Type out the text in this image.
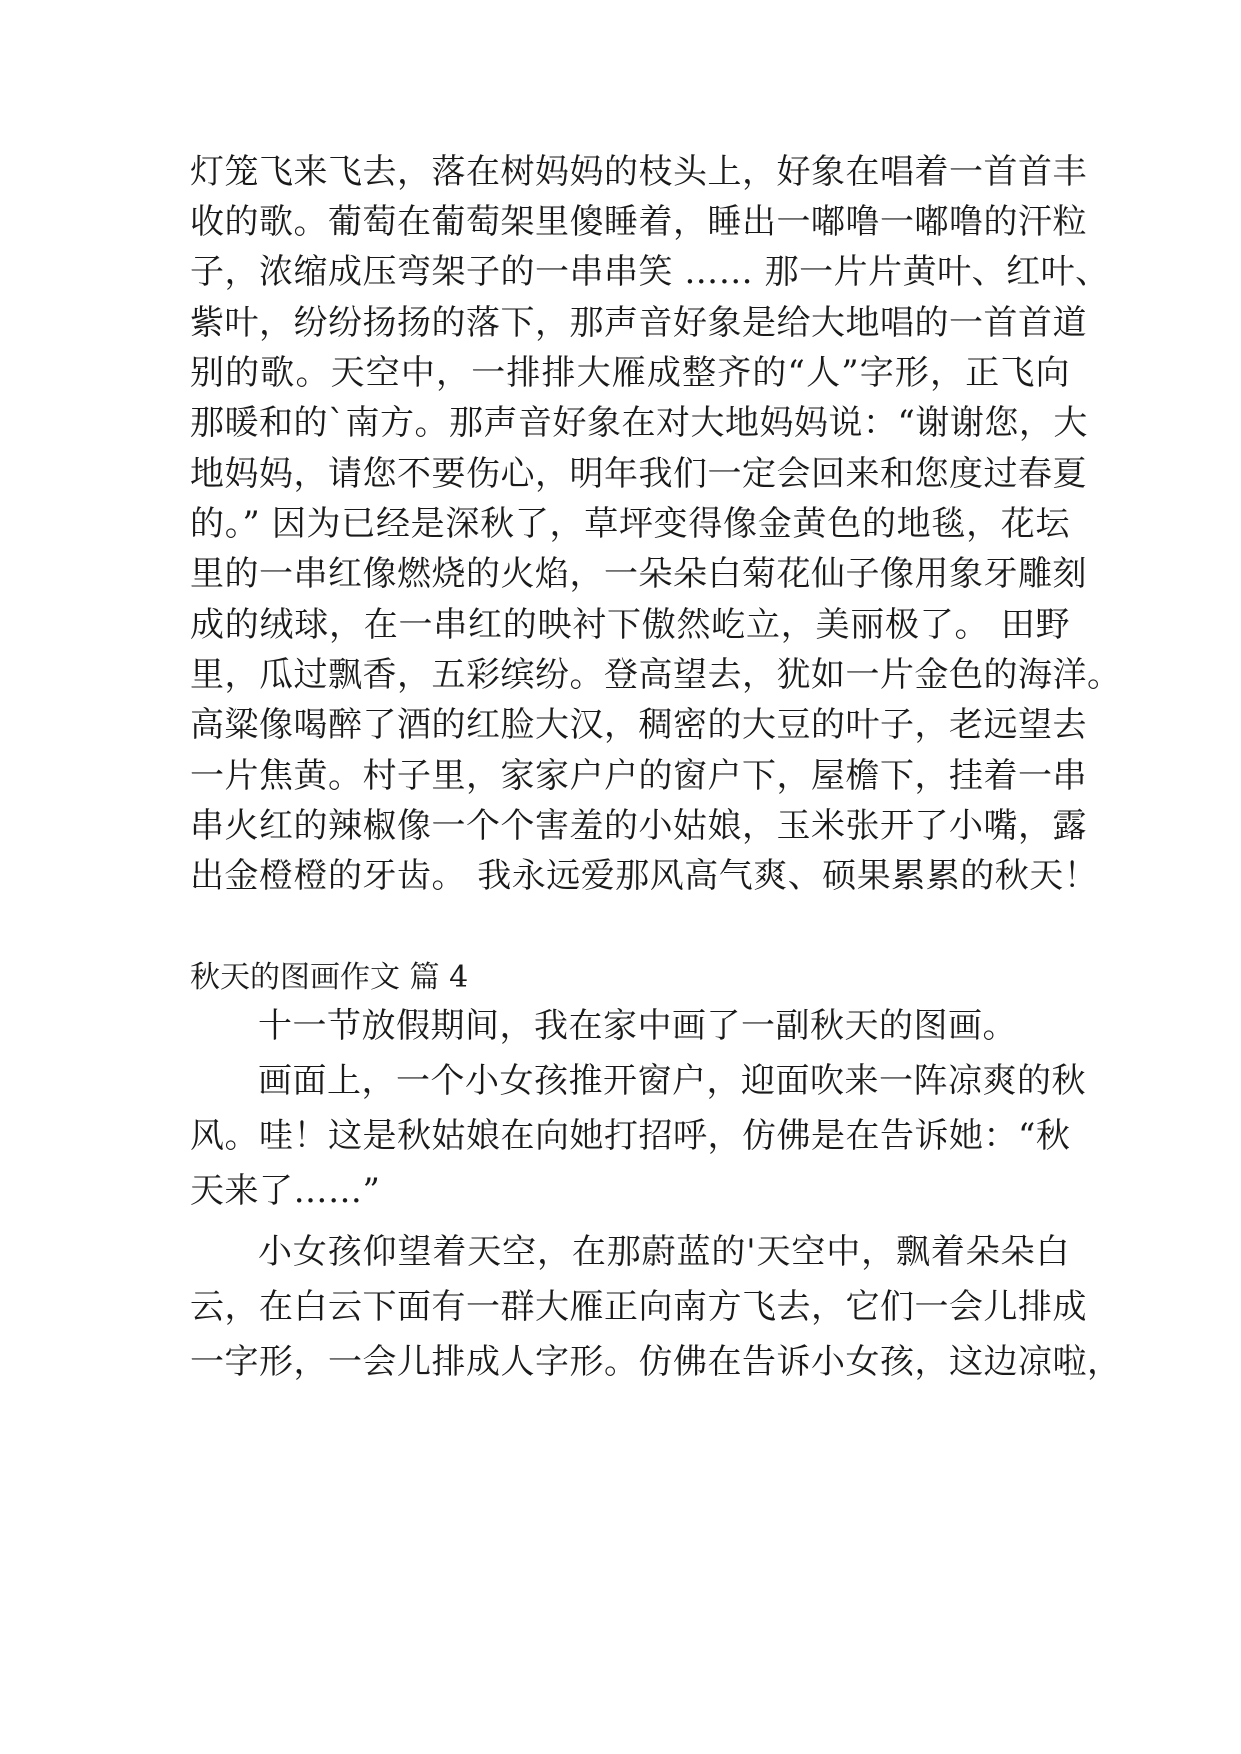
灯笼飞来飞去，落在树妈妈的枝头上，好象在唱着一首首丰
收的歌。葡萄在葡萄架里傻睡着，睡出一嘟噜一嘟噜的汗粒
子，浓缩成压弯架子的一串串笑 …… 那一片片黄叶、红叶、
紫叶，纷纷扬扬的落下，那声音好象是给大地唱的一首首道
别的歌。天空中，一排排大雁成整齐的“人”字形，正飞向
那暖和的`南方。那声音好象在对大地妈妈说：“谢谢您，大
地妈妈，请您不要伤心，明年我们一定会回来和您度过春夏
的。” 因为已经是深秋了，草坪变得像金黄色的地毯，花坛
里的一串红像燃烧的火焰，一朵朵白菊花仙子像用象牙雕刻
成的绒球，在一串红的映衬下傲然屹立，美丽极了。 田野
里，瓜过飘香，五彩缤纷。登高望去，犹如一片金色的海洋。
高粱像喝醉了酒的红脸大汉，稠密的大豆的叶子，老远望去
一片焦黄。村子里，家家户户的窗户下，屋檐下，挂着一串
串火红的辣椒像一个个害羞的小姑娘，玉米张开了小嘴，露
出金橙橙的牙齿。 我永远爱那风高气爽、硕果累累的秋天！
秋天的图画作文 篇 4
十一节放假期间，我在家中画了一副秋天的图画。
画面上，一个小女孩推开窗户，迎面吹来一阵凉爽的秋
风。哇！这是秋姑娘在向她打招呼，仿佛是在告诉她：“秋
天来了……”
小女孩仰望着天空，在那蔚蓝的'天空中，飘着朵朵白
云，在白云下面有一群大雁正向南方飞去，它们一会儿排成
一字形，一会儿排成人字形。仿佛在告诉小女孩，这边凉啦，
